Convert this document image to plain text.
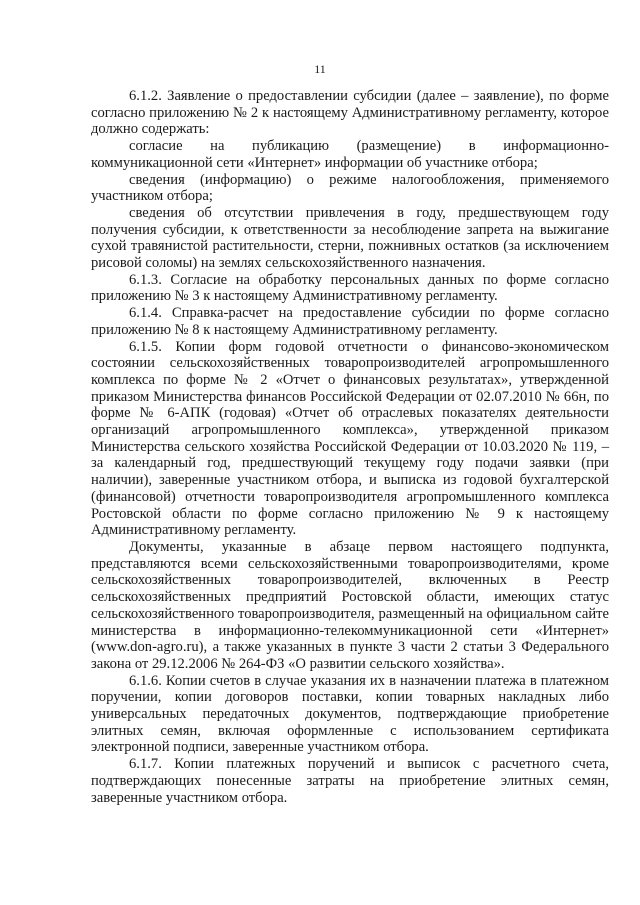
11

6.1.2. Заявление о предоставлении субсидии (далее – заявление), по форме согласно приложению № 2 к настоящему Административному регламенту, которое должно содержать:

согласие на публикацию (размещение) в информационно-коммуникационной сети «Интернет» информации об участнике отбора;

сведения (информацию) о режиме налогообложения, применяемого участником отбора;

сведения об отсутствии привлечения в году, предшествующем году получения субсидии, к ответственности за несоблюдение запрета на выжигание сухой травянистой растительности, стерни, пожнивных остатков (за исключением рисовой соломы) на землях сельскохозяйственного назначения.

6.1.3. Согласие на обработку персональных данных по форме согласно приложению № 3 к настоящему Административному регламенту.

6.1.4. Справка-расчет на предоставление субсидии по форме согласно приложению № 8 к настоящему Административному регламенту.

6.1.5. Копии форм годовой отчетности о финансово-экономическом состоянии сельскохозяйственных товаропроизводителей агропромышленного комплекса по форме № 2 «Отчет о финансовых результатах», утвержденной приказом Министерства финансов Российской Федерации от 02.07.2010 № 66н, по форме № 6-АПК (годовая) «Отчет об отраслевых показателях деятельности организаций агропромышленного комплекса», утвержденной приказом Министерства сельского хозяйства Российской Федерации от 10.03.2020 № 119, – за календарный год, предшествующий текущему году подачи заявки (при наличии), заверенные участником отбора, и выписка из годовой бухгалтерской (финансовой) отчетности товаропроизводителя агропромышленного комплекса Ростовской области по форме согласно приложению № 9 к настоящему Административному регламенту.

Документы, указанные в абзаце первом настоящего подпункта, представляются всеми сельскохозяйственными товаропроизводителями, кроме сельскохозяйственных товаропроизводителей, включенных в Реестр сельскохозяйственных предприятий Ростовской области, имеющих статус сельскохозяйственного товаропроизводителя, размещенный на официальном сайте министерства в информационно-телекоммуникационной сети «Интернет» (www.don-agro.ru), а также указанных в пункте 3 части 2 статьи 3 Федерального закона от 29.12.2006 № 264-ФЗ «О развитии сельского хозяйства».

6.1.6. Копии счетов в случае указания их в назначении платежа в платежном поручении, копии договоров поставки, копии товарных накладных либо универсальных передаточных документов, подтверждающие приобретение элитных семян, включая оформленные с использованием сертификата электронной подписи, заверенные участником отбора.

6.1.7. Копии платежных поручений и выписок с расчетного счета, подтверждающих понесенные затраты на приобретение элитных семян, заверенные участником отбора.
